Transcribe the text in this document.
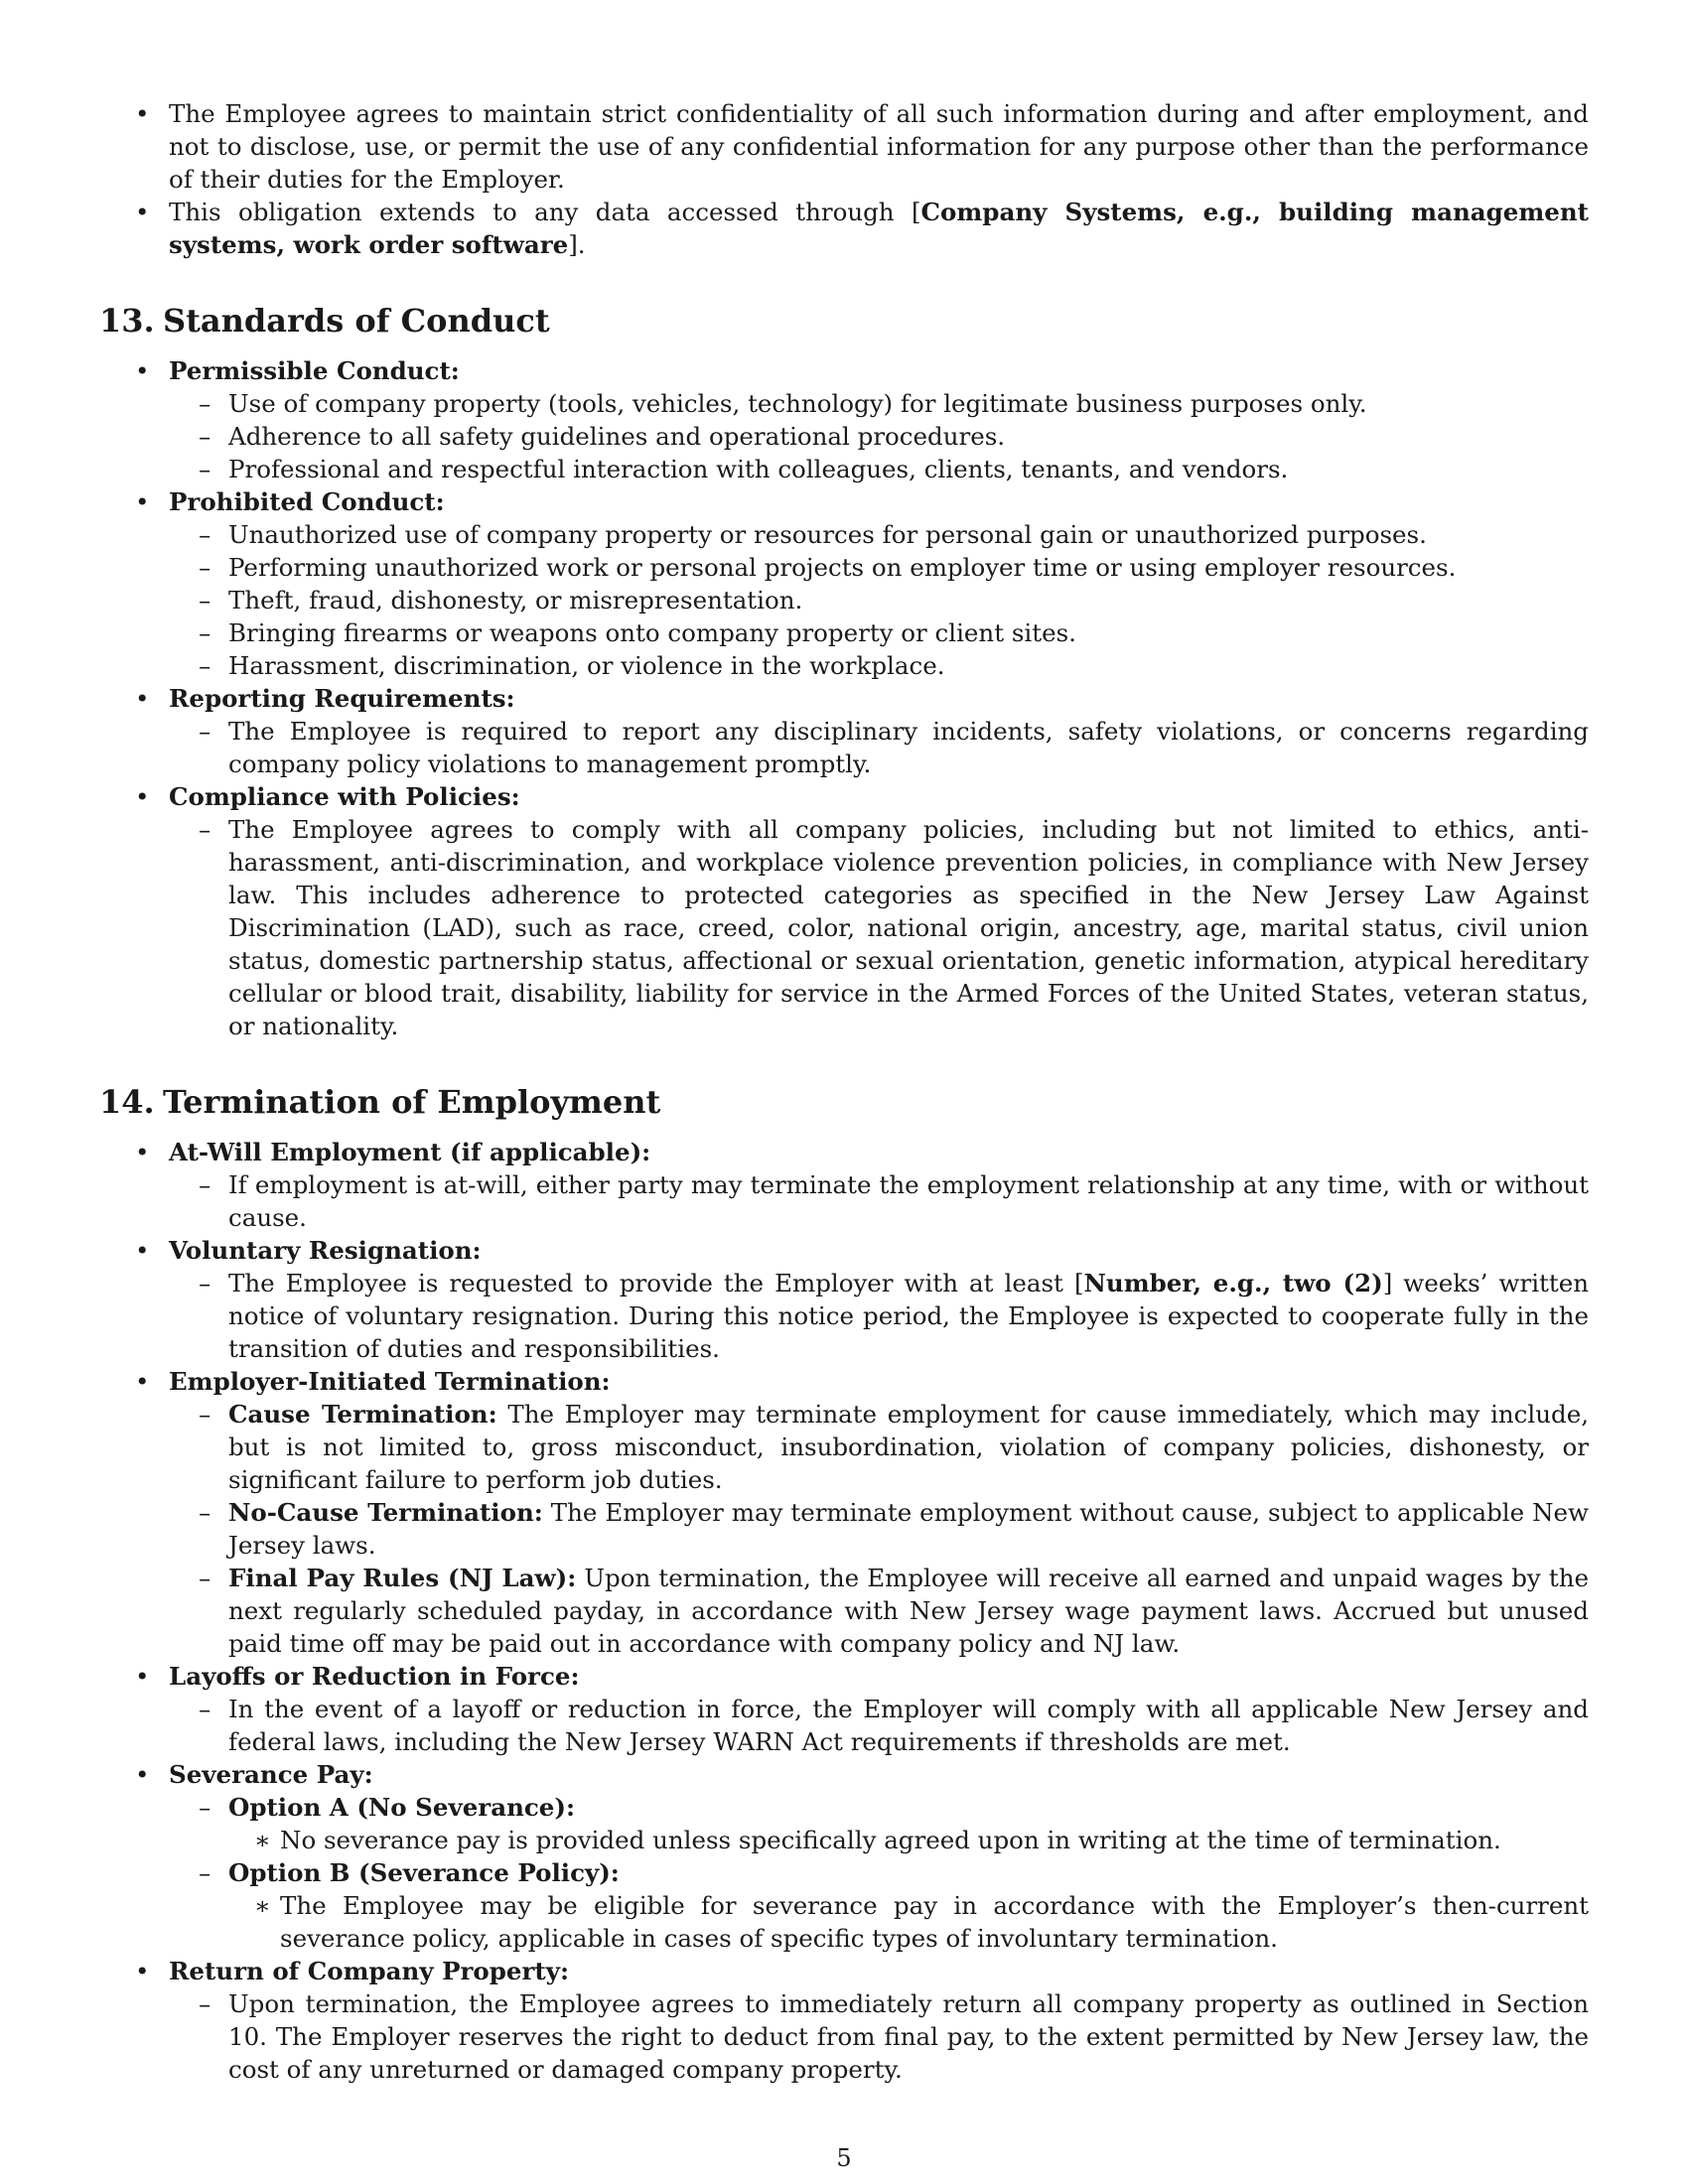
• The Employee agrees to maintain strict confidentiality of all such information during and after employment, and not to disclose, use, or permit the use of any confidential information for any purpose other than the performance of their duties for the Employer.
• This obligation extends to any data accessed through [Company Systems, e.g., building management systems, work order software].
13. Standards of Conduct
• Permissible Conduct:
– Use of company property (tools, vehicles, technology) for legitimate business purposes only.
– Adherence to all safety guidelines and operational procedures.
– Professional and respectful interaction with colleagues, clients, tenants, and vendors.
• Prohibited Conduct:
– Unauthorized use of company property or resources for personal gain or unauthorized purposes.
– Performing unauthorized work or personal projects on employer time or using employer resources.
– Theft, fraud, dishonesty, or misrepresentation.
– Bringing firearms or weapons onto company property or client sites.
– Harassment, discrimination, or violence in the workplace.
• Reporting Requirements:
– The Employee is required to report any disciplinary incidents, safety violations, or concerns regarding company policy violations to management promptly.
• Compliance with Policies:
– The Employee agrees to comply with all company policies, including but not limited to ethics, anti-harassment, anti-discrimination, and workplace violence prevention policies, in compliance with New Jersey law. This includes adherence to protected categories as specified in the New Jersey Law Against Discrimination (LAD), such as race, creed, color, national origin, ancestry, age, marital status, civil union status, domestic partnership status, affectional or sexual orientation, genetic information, atypical hereditary cellular or blood trait, disability, liability for service in the Armed Forces of the United States, veteran status, or nationality.
14. Termination of Employment
• At-Will Employment (if applicable):
– If employment is at-will, either party may terminate the employment relationship at any time, with or without cause.
• Voluntary Resignation:
– The Employee is requested to provide the Employer with at least [Number, e.g., two (2)] weeks’ written notice of voluntary resignation. During this notice period, the Employee is expected to cooperate fully in the transition of duties and responsibilities.
• Employer-Initiated Termination:
– Cause Termination: The Employer may terminate employment for cause immediately, which may include, but is not limited to, gross misconduct, insubordination, violation of company policies, dishonesty, or significant failure to perform job duties.
– No-Cause Termination: The Employer may terminate employment without cause, subject to applicable New Jersey laws.
– Final Pay Rules (NJ Law): Upon termination, the Employee will receive all earned and unpaid wages by the next regularly scheduled payday, in accordance with New Jersey wage payment laws. Accrued but unused paid time off may be paid out in accordance with company policy and NJ law.
• Layoffs or Reduction in Force:
– In the event of a layoff or reduction in force, the Employer will comply with all applicable New Jersey and federal laws, including the New Jersey WARN Act requirements if thresholds are met.
• Severance Pay:
– Option A (No Severance):
∗ No severance pay is provided unless specifically agreed upon in writing at the time of termination.
– Option B (Severance Policy):
∗ The Employee may be eligible for severance pay in accordance with the Employer’s then-current severance policy, applicable in cases of specific types of involuntary termination.
• Return of Company Property:
– Upon termination, the Employee agrees to immediately return all company property as outlined in Section 10. The Employer reserves the right to deduct from final pay, to the extent permitted by New Jersey law, the cost of any unreturned or damaged company property.
5
